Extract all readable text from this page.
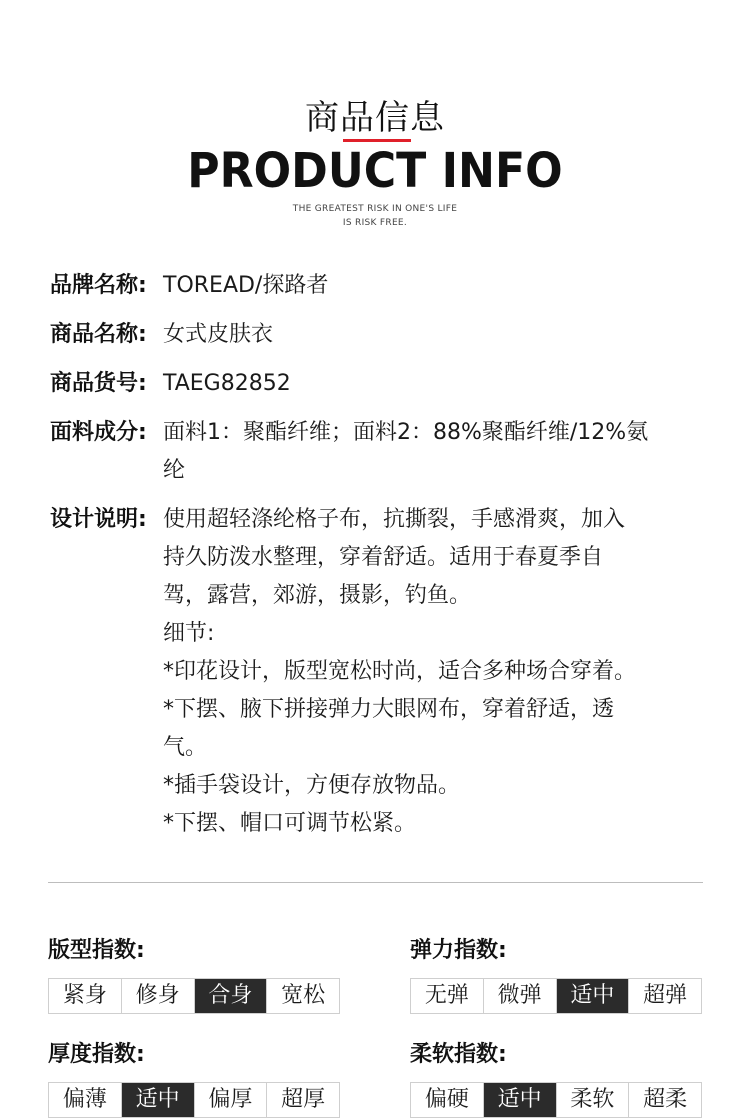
商品信息
PRODUCT INFO
THE GREATEST RISK IN ONE'S LIFE
IS RISK FREE.
品牌名称: TOREAD/探路者
商品名称: 女式皮肤衣
商品货号: TAEG82852
面料成分: 面料1：聚酯纤维；面料2：88%聚酯纤维/12%氨
纶
设计说明: 使用超轻涤纶格子布，抗撕裂，手感滑爽，加入
持久防泼水整理，穿着舒适。适用于春夏季自
驾，露营，郊游，摄影，钓鱼。
细节:
*印花设计，版型宽松时尚，适合多种场合穿着。
*下摆、腋下拼接弹力大眼网布，穿着舒适，透
气。
*插手袋设计，方便存放物品。
*下摆、帽口可调节松紧。
版型指数:
紧身	修身	合身	宽松
弹力指数:
无弹	微弹	适中	超弹
厚度指数:
偏薄	适中	偏厚	超厚
柔软指数:
偏硬	适中	柔软	超柔
